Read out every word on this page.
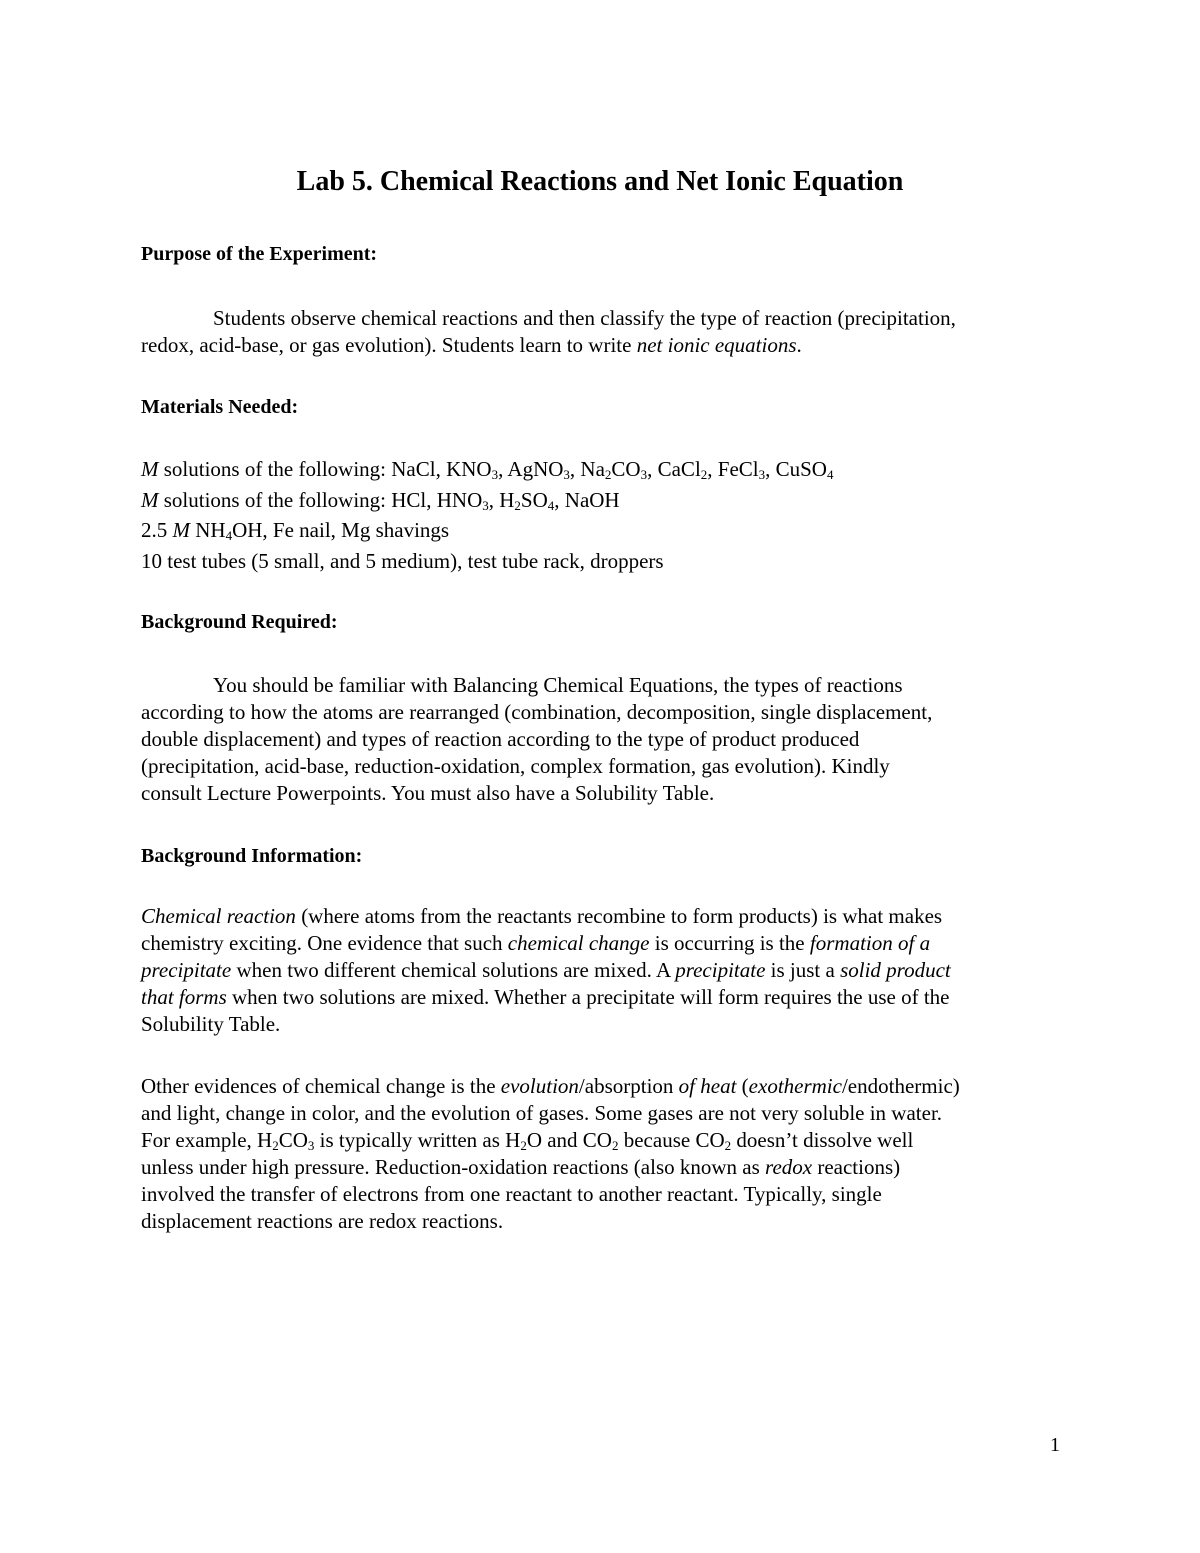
Lab 5. Chemical Reactions and Net Ionic Equation
Purpose of the Experiment:
Students observe chemical reactions and then classify the type of reaction (precipitation,
redox, acid-base, or gas evolution). Students learn to write net ionic equations.
Materials Needed:
M solutions of the following: NaCl, $KNO_3$, AgNO$_3$, $Na_2CO_3$, CaCl$_2$, FeCl$_3$, CuSO$_4$
M solutions of the following: HCl, $HNO_3$, $H_2SO_4$, NaOH
2.5 M $NH_4OH$, Fe nail, Mg shavings
10 test tubes (5 small, and 5 medium), test tube rack, droppers
Background Required:
You should be familiar with Balancing Chemical Equations, the types of reactions
according to how the atoms are rearranged (combination, decomposition, single displacement,
double displacement) and types of reaction according to the type of product produced
(precipitation, acid-base, reduction-oxidation, complex formation, gas evolution). Kindly
consult Lecture Powerpoints. You must also have a Solubility Table.
Background Information:
Chemical reaction (where atoms from the reactants recombine to form products) is what makes
chemistry exciting. One evidence that such chemical change is occurring is the formation of a
precipitate when two different chemical solutions are mixed. A precipitate is just a solid product
that forms when two solutions are mixed. Whether a precipitate will form requires the use of the
Solubility Table.
Other evidences of chemical change is the evolution/absorption of heat (exothermic/endothermic)
and light, change in color, and the evolution of gases. Some gases are not very soluble in water.
For example, $H_2CO_3$ is typically written as $H_2O$ and $CO_2$ because $CO_2$ doesn’t dissolve well
unless under high pressure. Reduction-oxidation reactions (also known as redox reactions)
involved the transfer of electrons from one reactant to another reactant. Typically, single
displacement reactions are redox reactions.
1
